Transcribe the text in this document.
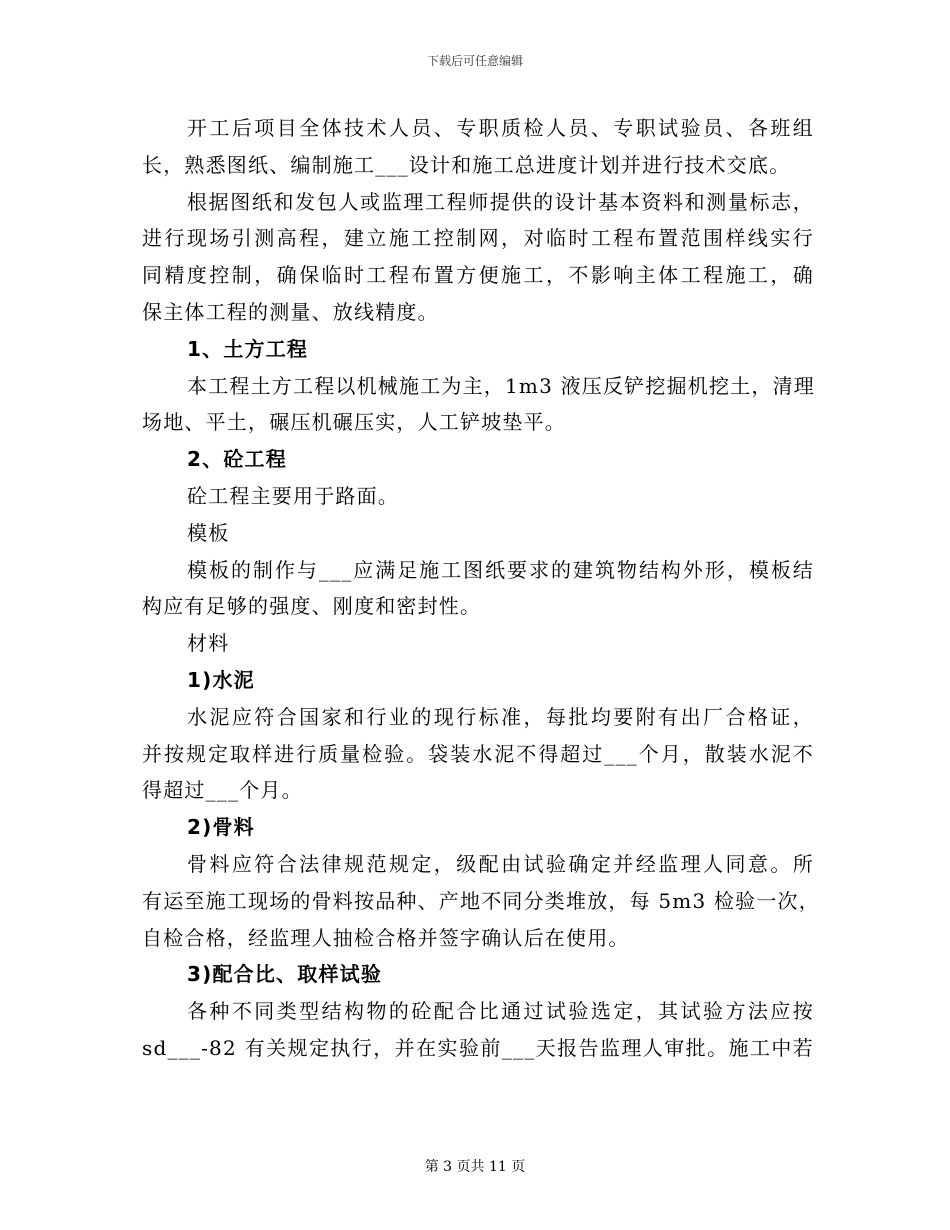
下载后可任意编辑
开工后项目全体技术人员、专职质检人员、专职试验员、各班组
长，熟悉图纸、编制施工___设计和施工总进度计划并进行技术交底。
根据图纸和发包人或监理工程师提供的设计基本资料和测量标志，
进行现场引测高程，建立施工控制网，对临时工程布置范围样线实行
同精度控制，确保临时工程布置方便施工，不影响主体工程施工，确
保主体工程的测量、放线精度。
1、土方工程
本工程土方工程以机械施工为主，1m3 液压反铲挖掘机挖土，清理
场地、平土，碾压机碾压实，人工铲坡垫平。
2、砼工程
砼工程主要用于路面。
模板
模板的制作与___应满足施工图纸要求的建筑物结构外形，模板结
构应有足够的强度、刚度和密封性。
材料
1)水泥
水泥应符合国家和行业的现行标准，每批均要附有出厂合格证，
并按规定取样进行质量检验。袋装水泥不得超过___个月，散装水泥不
得超过___个月。
2)骨料
骨料应符合法律规范规定，级配由试验确定并经监理人同意。所
有运至施工现场的骨料按品种、产地不同分类堆放，每 5m3 检验一次，
自检合格，经监理人抽检合格并签字确认后在使用。
3)配合比、取样试验
各种不同类型结构物的砼配合比通过试验选定，其试验方法应按
sd___-82 有关规定执行，并在实验前___天报告监理人审批。施工中若
第 3 页共 11 页
